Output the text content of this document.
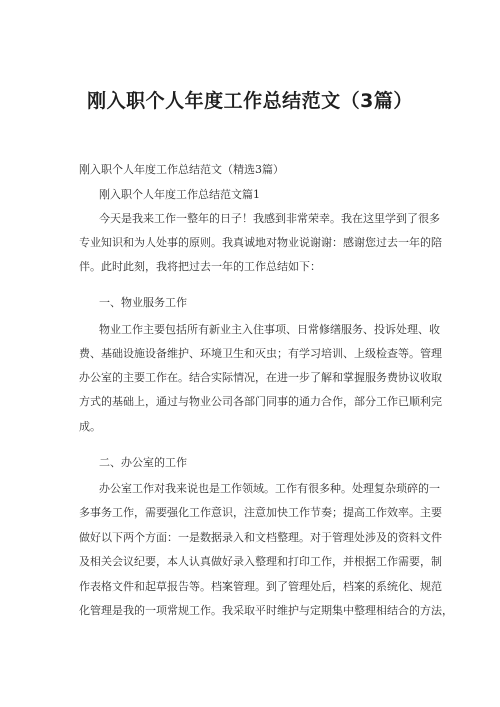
刚入职个人年度工作总结范文（3篇）
刚入职个人年度工作总结范文（精选3篇）
刚入职个人年度工作总结范文篇1
今天是我来工作一整年的日子！我感到非常荣幸。我在这里学到了很多
专业知识和为人处事的原则。我真诚地对物业说谢谢：感谢您过去一年的陪
伴。此时此刻，我将把过去一年的工作总结如下：
一、物业服务工作
物业工作主要包括所有新业主入住事项、日常修缮服务、投诉处理、收
费、基础设施设备维护、环境卫生和灭虫；有学习培训、上级检查等。管理
办公室的主要工作在。结合实际情况，在进一步了解和掌握服务费协议收取
方式的基础上，通过与物业公司各部门同事的通力合作，部分工作已顺利完
成。
二、办公室的工作
办公室工作对我来说也是工作领域。工作有很多种。处理复杂琐碎的一
多事务工作，需要强化工作意识，注意加快工作节奏；提高工作效率。主要
做好以下两个方面：一是数据录入和文档整理。对于管理处涉及的资料文件
及相关会议纪要，本人认真做好录入整理和打印工作，并根据工作需要，制
作表格文件和起草报告等。档案管理。到了管理处后，档案的系统化、规范
化管理是我的一项常规工作。我采取平时维护与定期集中整理相结合的方法，
